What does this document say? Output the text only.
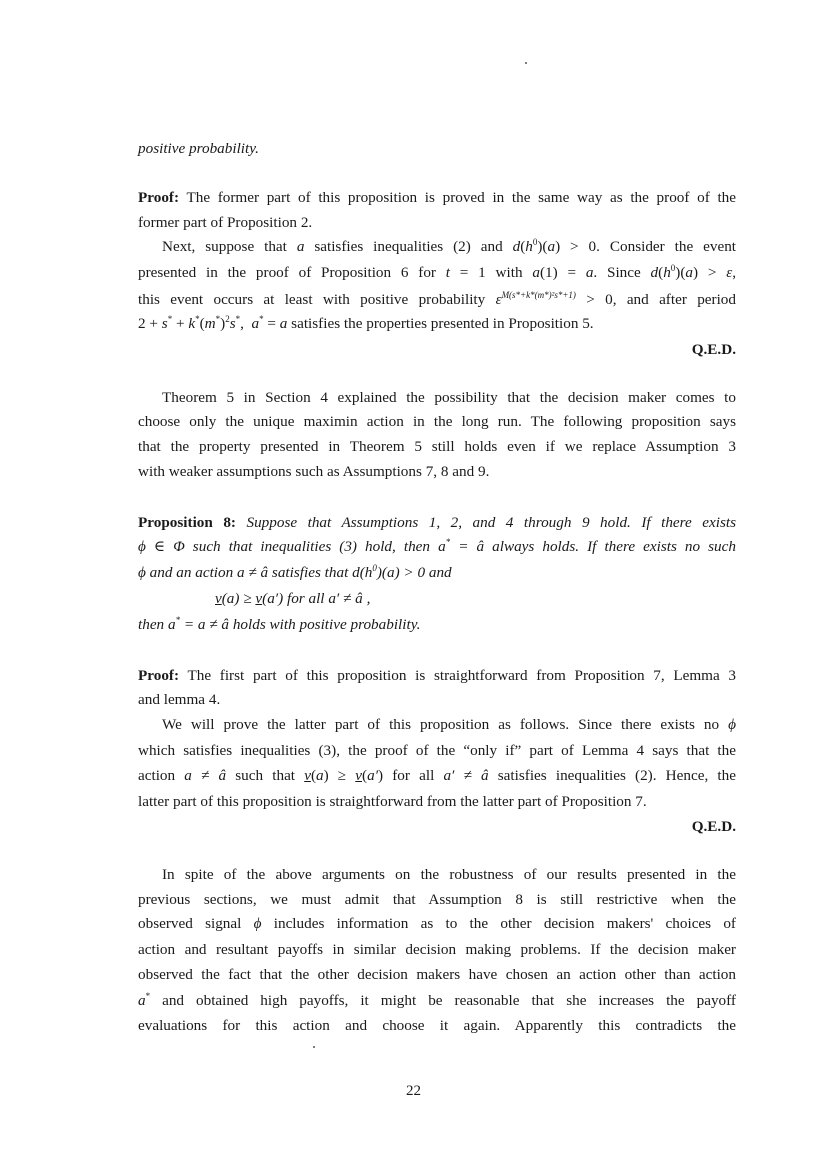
positive probability.
Proof: The former part of this proposition is proved in the same way as the proof of the
former part of Proposition 2.
Next, suppose that a satisfies inequalities (2) and $d(h^0)(a) > 0$. Consider the event
presented in the proof of Proposition 6 for t = 1 with a(1) = a. Since $d(h^0)(a) > \varepsilon$,
this event occurs at least with positive probability $\varepsilon^{M(s*+k*(m*)^2s*+1)} > 0$, and after period
$2 + s^* + k^*(m^*)^2s^*$,  a* = a satisfies the properties presented in Proposition 5.
Q.E.D.
Theorem 5 in Section 4 explained the possibility that the decision maker comes to
choose only the unique maximin action in the long run. The following proposition says
that the property presented in Theorem 5 still holds even if we replace Assumption 3
with weaker assumptions such as Assumptions 7, 8 and 9.
Proposition 8: Suppose that Assumptions 1, 2, and 4 through 9 hold. If there exists
ϕ ∈ Φ such that inequalities (3) hold, then a* = â always holds. If there exists no such
ϕ and an action a ≠ â satisfies that $d(h^0)(a) > 0$ and
v(a) ≥ v(a′) for all a′ ≠ â ,
then a* = a ≠ â holds with positive probability.
Proof: The first part of this proposition is straightforward from Proposition 7, Lemma 3
and lemma 4.
We will prove the latter part of this proposition as follows. Since there exists no ϕ
which satisfies inequalities (3), the proof of the “only if” part of Lemma 4 says that the
action a ≠ â such that v(a) ≥ v(a′) for all a′ ≠ â satisfies inequalities (2). Hence, the
latter part of this proposition is straightforward from the latter part of Proposition 7.
Q.E.D.
In spite of the above arguments on the robustness of our results presented in the
previous sections, we must admit that Assumption 8 is still restrictive when the
observed signal ϕ includes information as to the other decision makers' choices of
action and resultant payoffs in similar decision making problems. If the decision maker
observed the fact that the other decision makers have chosen an action other than action
a* and obtained high payoffs, it might be reasonable that she increases the payoff
evaluations for this action and choose it again. Apparently this contradicts the
22
